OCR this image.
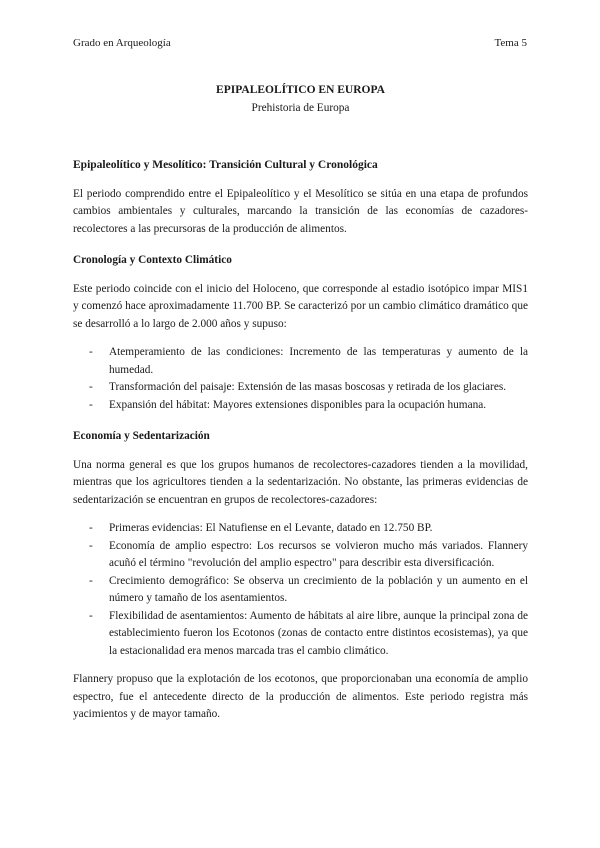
Grado en Arqueología	Tema 5

EPIPALEOLÍTICO EN EUROPA

Prehistoria de Europa

Epipaleolítico y Mesolítico: Transición Cultural y Cronológica

El periodo comprendido entre el Epipaleolítico y el Mesolítico se sitúa en una etapa de profundos cambios ambientales y culturales, marcando la transición de las economías de cazadores-recolectores a las precursoras de la producción de alimentos.

Cronología y Contexto Climático

Este periodo coincide con el inicio del Holoceno, que corresponde al estadio isotópico impar MIS1 y comenzó hace aproximadamente 11.700 BP. Se caracterizó por un cambio climático dramático que se desarrolló a lo largo de 2.000 años y supuso:

- Atemperamiento de las condiciones: Incremento de las temperaturas y aumento de la humedad.
- Transformación del paisaje: Extensión de las masas boscosas y retirada de los glaciares.
- Expansión del hábitat: Mayores extensiones disponibles para la ocupación humana.
Economía y Sedentarización

Una norma general es que los grupos humanos de recolectores-cazadores tienden a la movilidad, mientras que los agricultores tienden a la sedentarización. No obstante, las primeras evidencias de sedentarización se encuentran en grupos de recolectores-cazadores:

- Primeras evidencias: El Natufiense en el Levante, datado en 12.750 BP.
- Economía de amplio espectro: Los recursos se volvieron mucho más variados. Flannery acuñó el término "revolución del amplio espectro" para describir esta diversificación.
- Crecimiento demográfico: Se observa un crecimiento de la población y un aumento en el número y tamaño de los asentamientos.
- Flexibilidad de asentamientos: Aumento de hábitats al aire libre, aunque la principal zona de establecimiento fueron los Ecotonos (zonas de contacto entre distintos ecosistemas), ya que la estacionalidad era menos marcada tras el cambio climático.

Flannery propuso que la explotación de los ecotonos, que proporcionaban una economía de amplio espectro, fue el antecedente directo de la producción de alimentos. Este periodo registra más yacimientos y de mayor tamaño.
